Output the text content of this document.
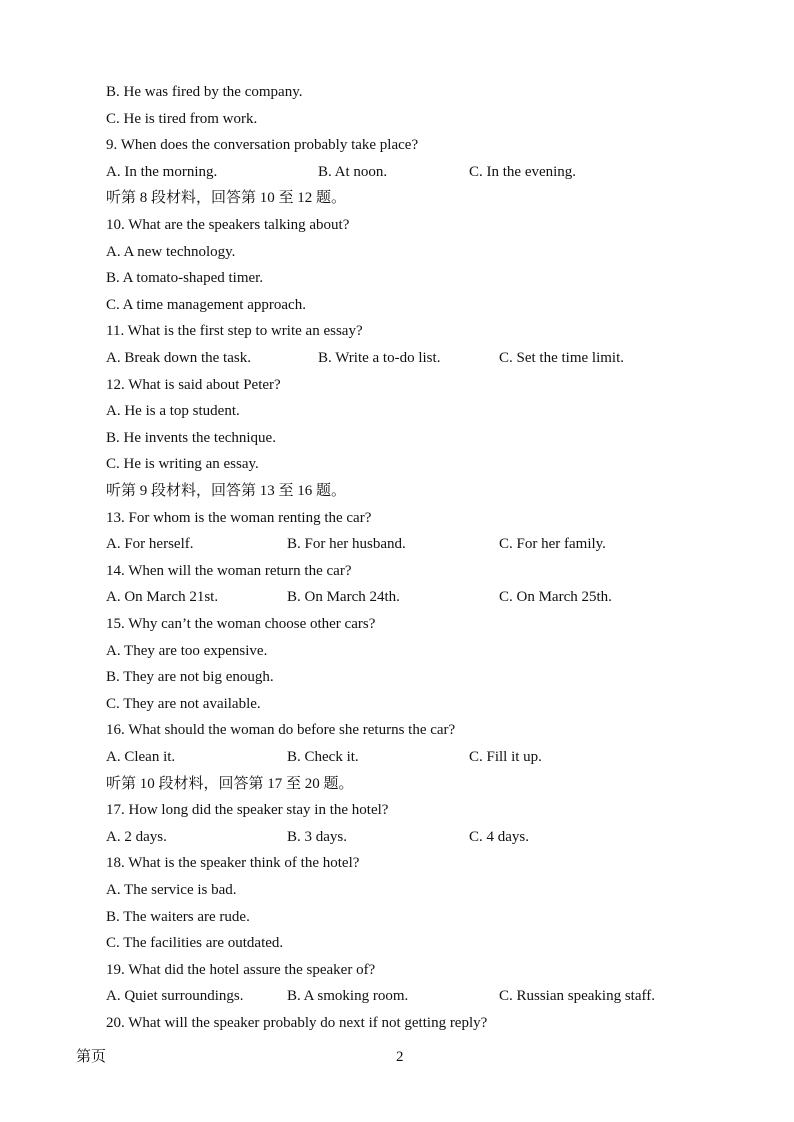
B. He was fired by the company.
C. He is tired from work.
9. When does the conversation probably take place?
A. In the morning.	B. At noon.	C. In the evening.
听第 8 段材料，回答第 10 至 12 题。
10. What are the speakers talking about?
A. A new technology.
B. A tomato-shaped timer.
C. A time management approach.
11. What is the first step to write an essay?
A. Break down the task.	B. Write a to-do list.	C. Set the time limit.
12. What is said about Peter?
A. He is a top student.
B. He invents the technique.
C. He is writing an essay.
听第 9 段材料，回答第 13 至 16 题。
13. For whom is the woman renting the car?
A. For herself.	B. For her husband.	C. For her family.
14. When will the woman return the car?
A. On March 21st.	B. On March 24th.	C. On March 25th.
15. Why can’t the woman choose other cars?
A. They are too expensive.
B. They are not big enough.
C. They are not available.
16. What should the woman do before she returns the car?
A. Clean it.	B. Check it.	C. Fill it up.
听第 10 段材料，回答第 17 至 20 题。
17. How long did the speaker stay in the hotel?
A. 2 days.	B. 3 days.	C. 4 days.
18. What is the speaker think of the hotel?
A. The service is bad.
B. The waiters are rude.
C. The facilities are outdated.
19. What did the hotel assure the speaker of?
A. Quiet surroundings.	B. A smoking room.	C. Russian speaking staff.
20. What will the speaker probably do next if not getting reply?
第页	2
